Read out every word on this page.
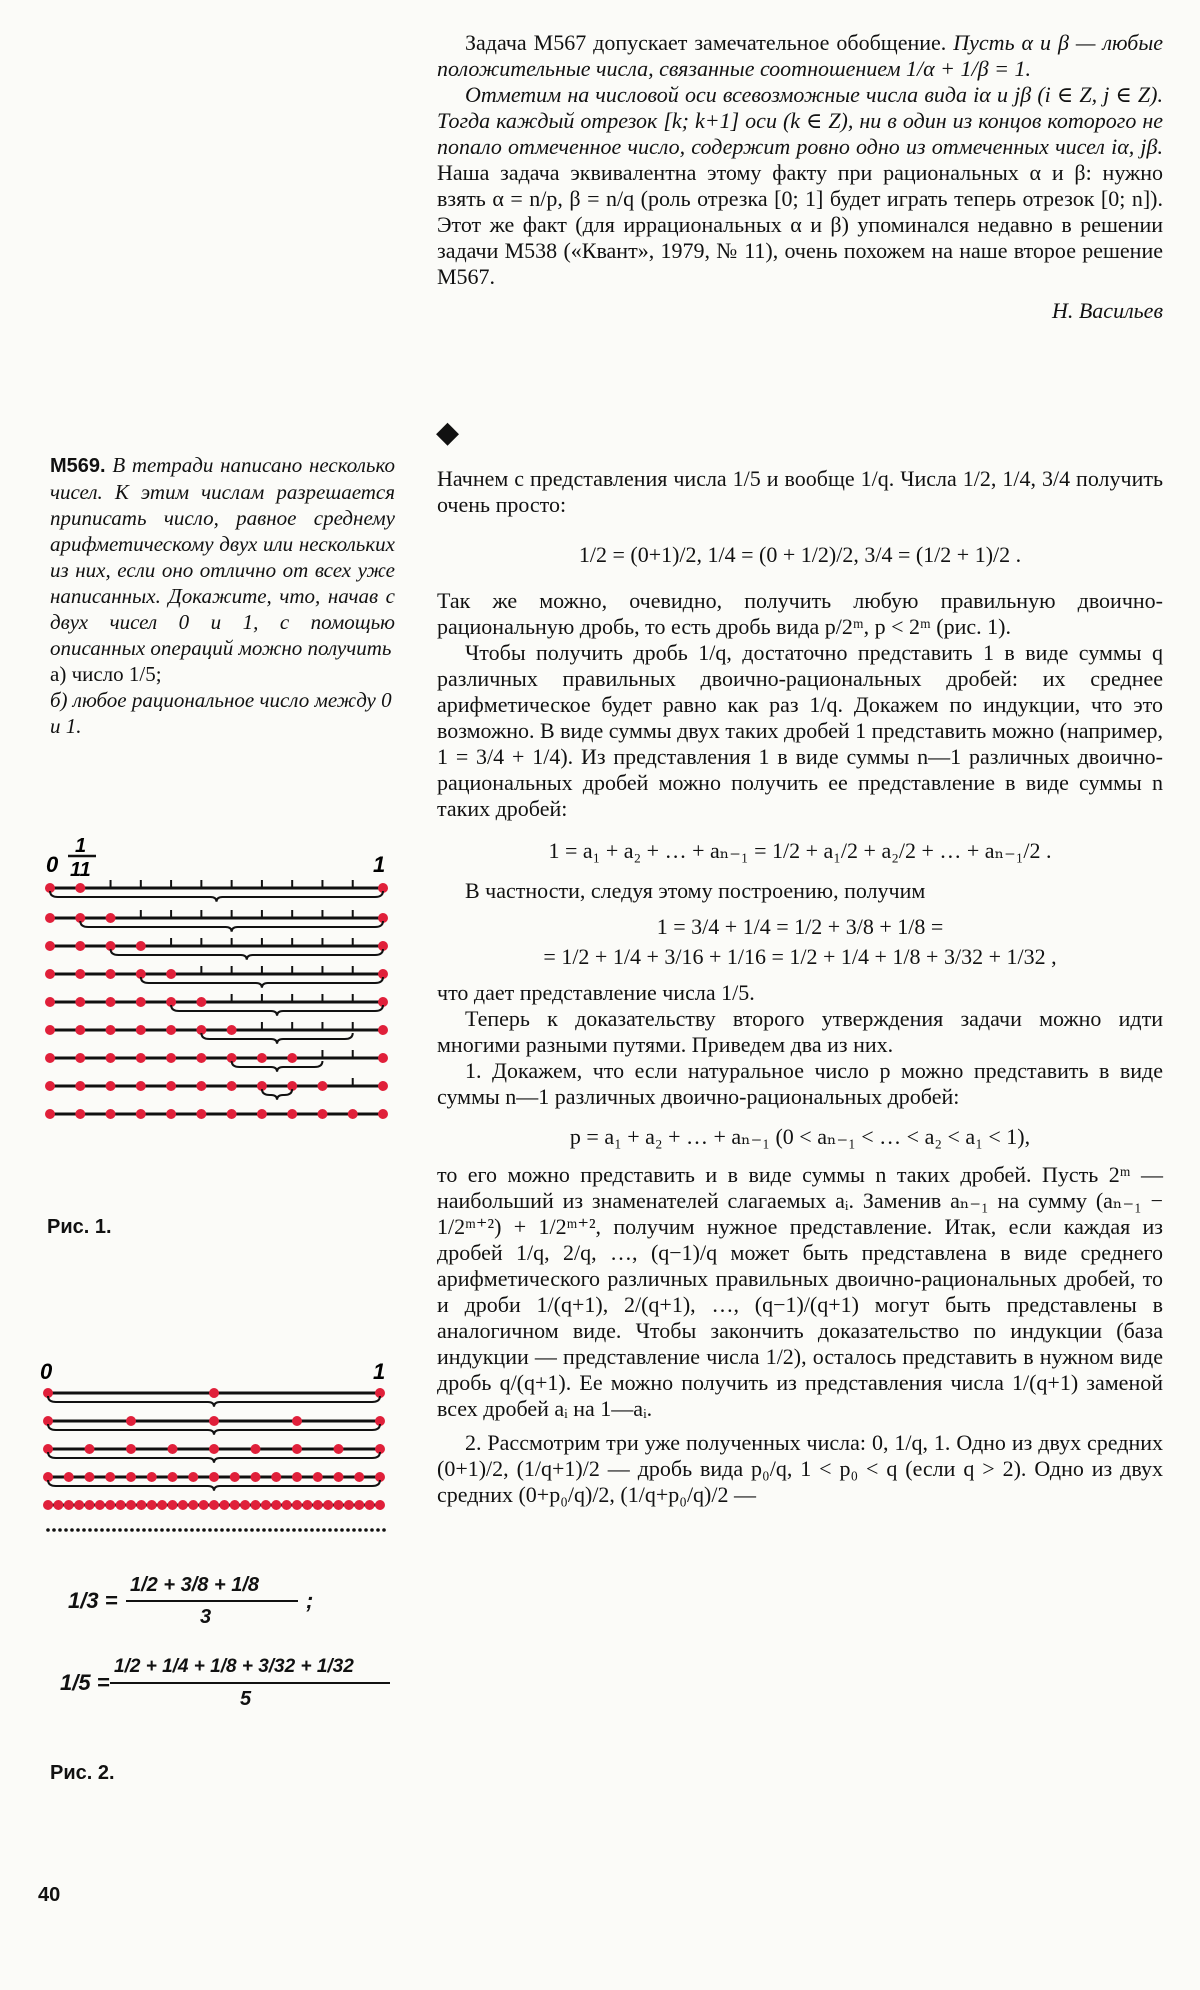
Задача М567 допускает замечательное обобщение. Пусть α и β — любые положительные числа, связанные соотношением 1/α + 1/β = 1.

Отметим на числовой оси всевозможные числа вида iα и jβ (i ∈ Z, j ∈ Z). Тогда каждый отрезок [k; k+1] оси (k ∈ Z), ни в один из концов которого не попало отмеченное число, содержит ровно одно из отмеченных чисел iα, jβ. Наша задача эквивалентна этому факту при рациональных α и β: нужно взять α = n/p, β = n/q (роль отрезка [0; 1] будет играть теперь отрезок [0; n]). Этот же факт (для иррациональных α и β) упоминался недавно в решении задачи М538 («Квант», 1979, № 11), очень похожем на наше второе решение М567.

Н. Васильев

◆

М569. В тетради написано несколько чисел. К этим числам разрешается приписать число, равное среднему арифметическому двух или нескольких из них, если оно отлично от всех уже написанных. Докажите, что, начав с двух чисел 0 и 1, с помощью описанных операций можно получить

а) число 1/5;

б) любое рациональное число между 0 и 1.

0
1
11	1
Рис. 1.
0	1
1/2 + 3/8 + 1/8
3
1/3 =	;
1/2 + 1/4 + 1/8 + 3/32 + 1/32
5
1/5 =
Рис. 2.

Начнем с представления числа 1/5 и вообще 1/q. Числа 1/2, 1/4, 3/4 получить очень просто:

1/2 = (0+1)/2, 1/4 = (0 + 1/2)/2, 3/4 = (1/2 + 1)/2 .

Так же можно, очевидно, получить любую правильную двоично-рациональную дробь, то есть дробь вида p/2ᵐ, p < 2ᵐ (рис. 1).

Чтобы получить дробь 1/q, достаточно представить 1 в виде суммы q различных правильных двоично-рациональных дробей: их среднее арифметическое будет равно как раз 1/q. Докажем по индукции, что это возможно. В виде суммы двух таких дробей 1 представить можно (например, 1 = 3/4 + 1/4). Из представления 1 в виде суммы n—1 различных двоично-рациональных дробей можно получить ее представление в виде суммы n таких дробей:

1 = a₁ + a₂ + … + aₙ₋₁ = 1/2 + a₁/2 + a₂/2 + … + aₙ₋₁/2 .

В частности, следуя этому построению, получим

1 = 3/4 + 1/4 = 1/2 + 3/8 + 1/8 =
= 1/2 + 1/4 + 3/16 + 1/16 = 1/2 + 1/4 + 1/8 + 3/32 + 1/32 ,

что дает представление числа 1/5.

Теперь к доказательству второго утверждения задачи можно идти многими разными путями. Приведем два из них.

1. Докажем, что если натуральное число p можно представить в виде суммы n—1 различных двоично-рациональных дробей:

p = a₁ + a₂ + … + aₙ₋₁ (0 < aₙ₋₁ < … < a₂ < a₁ < 1),

то его можно представить и в виде суммы n таких дробей. Пусть 2ᵐ — наибольший из знаменателей слагаемых aᵢ. Заменив aₙ₋₁ на сумму (aₙ₋₁ − 1/2ᵐ⁺²) + 1/2ᵐ⁺², получим нужное представление. Итак, если каждая из дробей 1/q, 2/q, …, (q−1)/q может быть представлена в виде среднего арифметического различных правильных двоично-рациональных дробей, то и дроби 1/(q+1), 2/(q+1), …, (q−1)/(q+1) могут быть представлены в аналогичном виде. Чтобы закончить доказательство по индукции (база индукции — представление числа 1/2), осталось представить в нужном виде дробь q/(q+1). Ее можно получить из представления числа 1/(q+1) заменой всех дробей aᵢ на 1—aᵢ.

2. Рассмотрим три уже полученных числа: 0, 1/q, 1. Одно из двух средних (0+1)/2, (1/q+1)/2 — дробь вида p₀/q, 1 < p₀ < q (если q > 2). Одно из двух средних (0+p₀/q)/2, (1/q+p₀/q)/2 —

40
